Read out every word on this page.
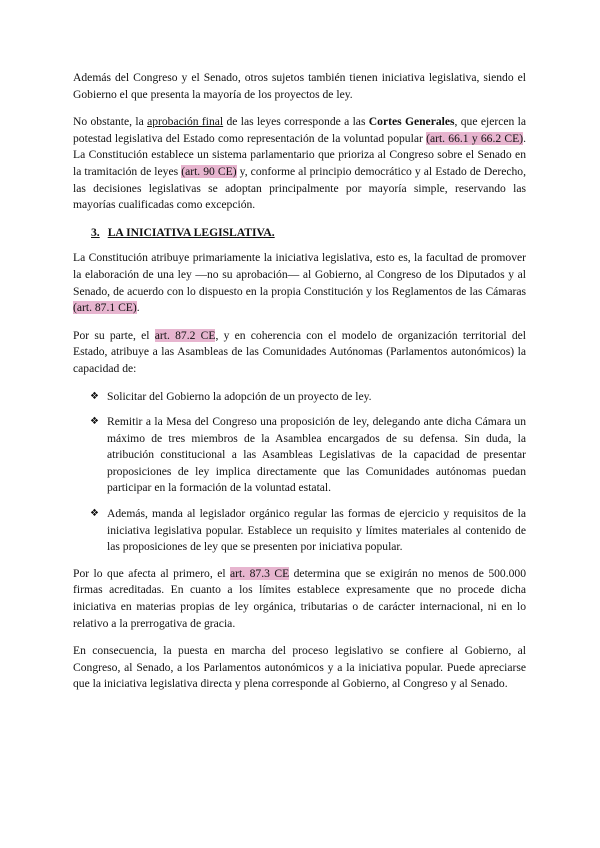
Además del Congreso y el Senado, otros sujetos también tienen iniciativa legislativa, siendo el Gobierno el que presenta la mayoría de los proyectos de ley.

No obstante, la aprobación final de las leyes corresponde a las Cortes Generales, que ejercen la potestad legislativa del Estado como representación de la voluntad popular (art. 66.1 y 66.2 CE). La Constitución establece un sistema parlamentario que prioriza al Congreso sobre el Senado en la tramitación de leyes (art. 90 CE) y, conforme al principio democrático y al Estado de Derecho, las decisiones legislativas se adoptan principalmente por mayoría simple, reservando las mayorías cualificadas como excepción.

3. LA INICIATIVA LEGISLATIVA.

La Constitución atribuye primariamente la iniciativa legislativa, esto es, la facultad de promover la elaboración de una ley —no su aprobación— al Gobierno, al Congreso de los Diputados y al Senado, de acuerdo con lo dispuesto en la propia Constitución y los Reglamentos de las Cámaras (art. 87.1 CE).

Por su parte, el art. 87.2 CE, y en coherencia con el modelo de organización territorial del Estado, atribuye a las Asambleas de las Comunidades Autónomas (Parlamentos autonómicos) la capacidad de:

❖ Solicitar del Gobierno la adopción de un proyecto de ley.
❖ Remitir a la Mesa del Congreso una proposición de ley, delegando ante dicha Cámara un máximo de tres miembros de la Asamblea encargados de su defensa. Sin duda, la atribución constitucional a las Asambleas Legislativas de la capacidad de presentar proposiciones de ley implica directamente que las Comunidades autónomas puedan participar en la formación de la voluntad estatal.
❖ Además, manda al legislador orgánico regular las formas de ejercicio y requisitos de la iniciativa legislativa popular. Establece un requisito y límites materiales al contenido de las proposiciones de ley que se presenten por iniciativa popular.

Por lo que afecta al primero, el art. 87.3 CE determina que se exigirán no menos de 500.000 firmas acreditadas. En cuanto a los límites establece expresamente que no procede dicha iniciativa en materias propias de ley orgánica, tributarias o de carácter internacional, ni en lo relativo a la prerrogativa de gracia.

En consecuencia, la puesta en marcha del proceso legislativo se confiere al Gobierno, al Congreso, al Senado, a los Parlamentos autonómicos y a la iniciativa popular. Puede apreciarse que la iniciativa legislativa directa y plena corresponde al Gobierno, al Congreso y al Senado.
